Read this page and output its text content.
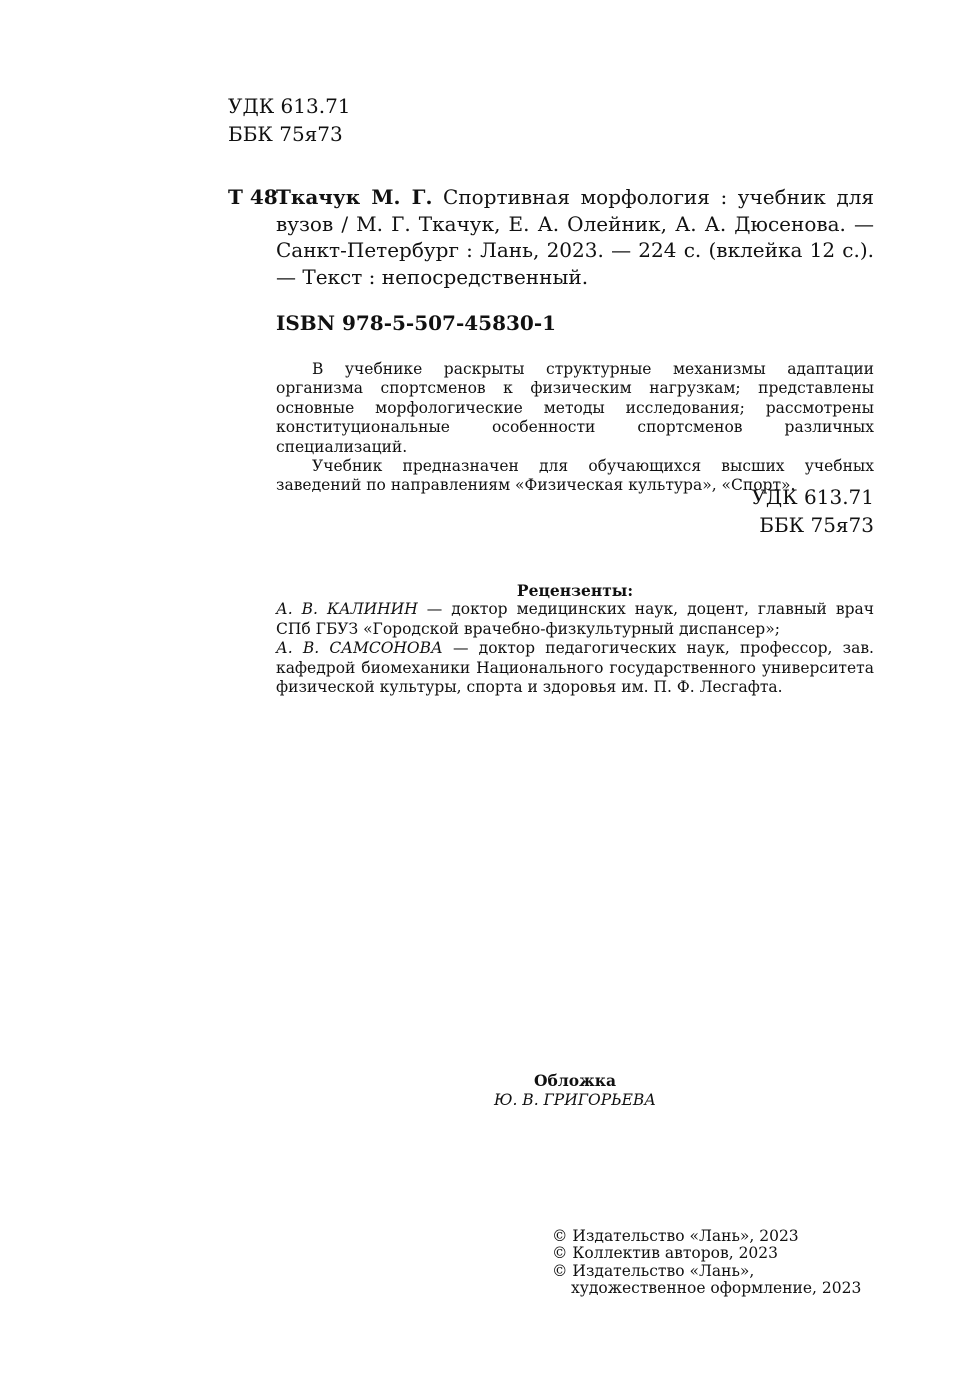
УДК 613.71
ББК 75я73
Т 48
Ткачук М. Г. Спортивная морфология : учебник для вузов / М. Г. Ткачук, Е. А. Олейник, А. А. Дюсенова. — Санкт-Петербург : Лань, 2023. — 224 с. (вклейка 12 с.). — Текст : непосредственный.
ISBN 978-5-507-45830-1

В учебнике раскрыты структурные механизмы адаптации организма спортсменов к физическим нагрузкам; представлены основные морфологические методы исследования; рассмотрены конституциональные особенности спортсменов различных специализаций.

Учебник предназначен для обучающихся высших учебных заведений по направлениям «Физическая культура», «Спорт».

УДК 613.71
ББК 75я73
Рецензенты:

А. В. КАЛИНИН — доктор медицинских наук, доцент, главный врач СПб ГБУЗ «Городской врачебно-физкультурный диспансер»;

А. В. САМСОНОВА — доктор педагогических наук, профессор, зав. кафедрой биомеханики Национального государственного университета физической культуры, спорта и здоровья им. П. Ф. Лесгафта.

Обложка
Ю. В. ГРИГОРЬЕВА
© Издательство «Лань», 2023
© Коллектив авторов, 2023
© Издательство «Лань»,
художественное оформление, 2023
